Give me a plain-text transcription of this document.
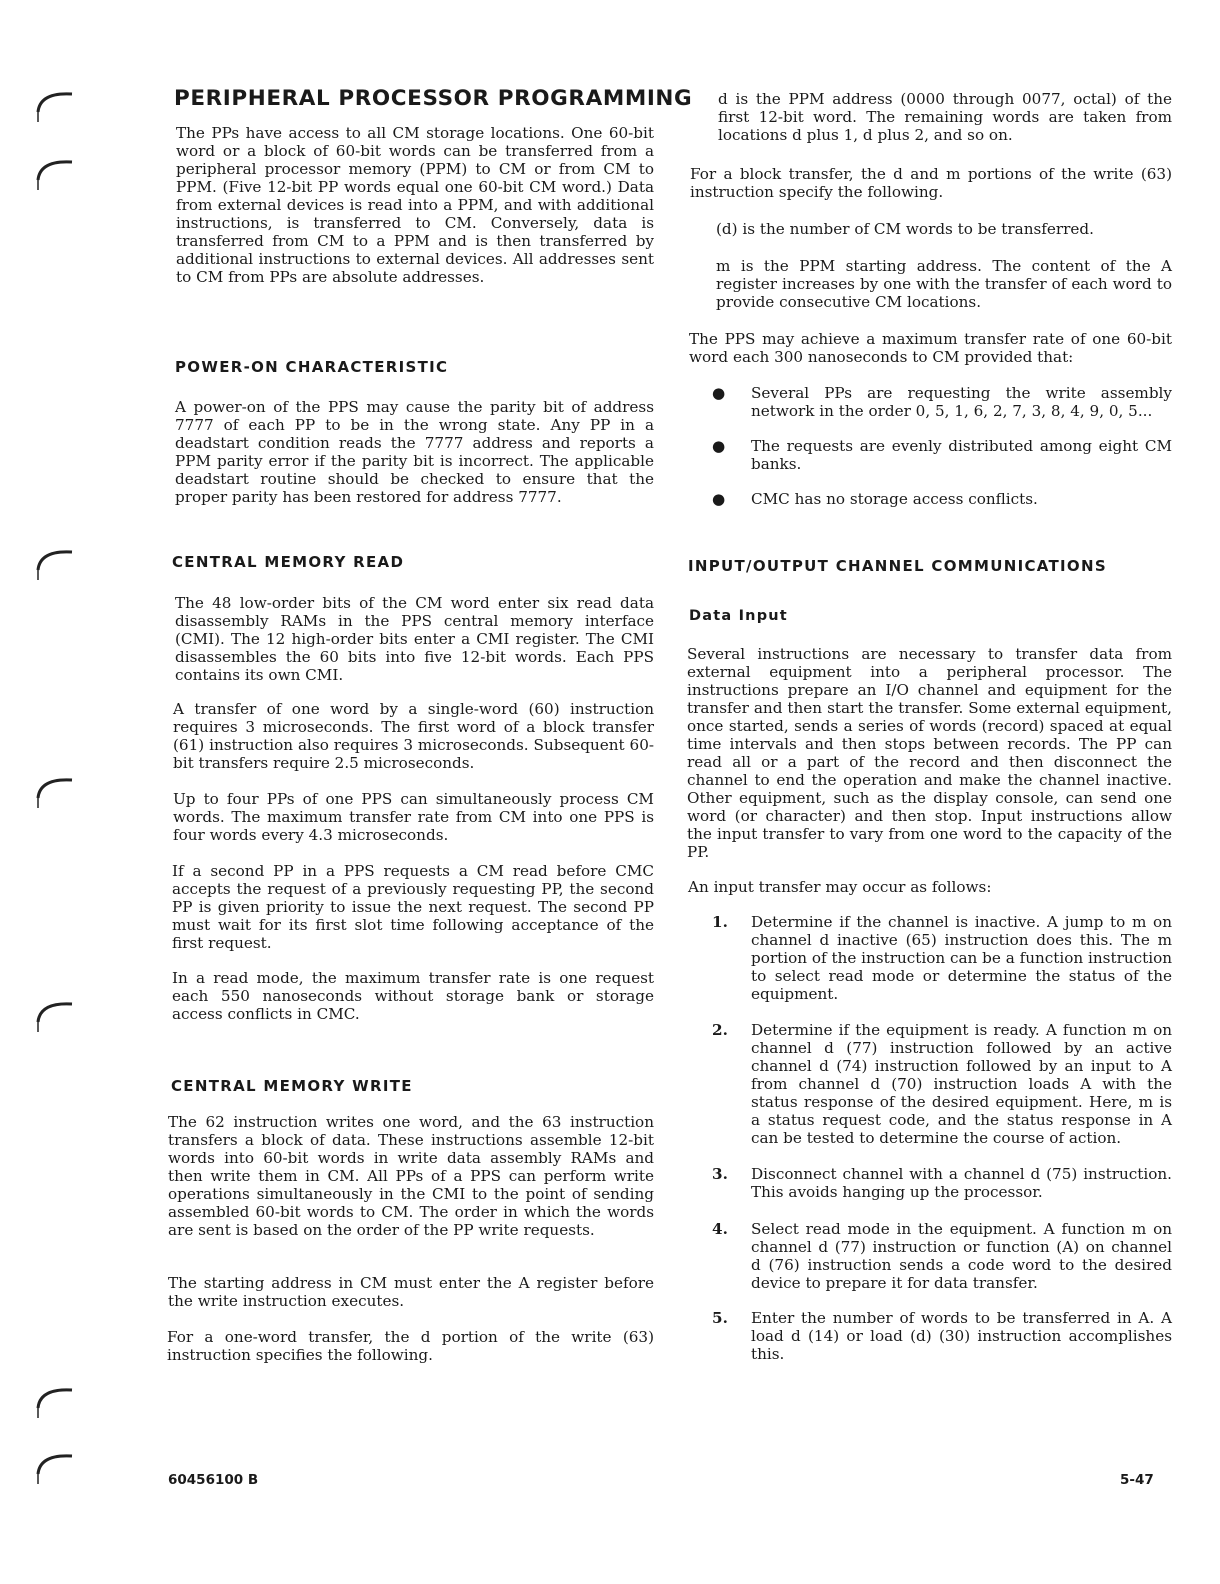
PERIPHERAL PROCESSOR PROGRAMMING

The PPs have access to all CM storage locations. One 60-bit word or a block of 60-bit words can be transferred from a peripheral processor memory (PPM) to CM or from CM to PPM. (Five 12-bit PP words equal one 60-bit CM word.) Data from external devices is read into a PPM, and with additional instructions, is transferred to CM. Conversely, data is transferred from CM to a PPM and is then transferred by additional instructions to external devices. All addresses sent to CM from PPs are absolute addresses.

POWER-ON CHARACTERISTIC

A power-on of the PPS may cause the parity bit of address 7777 of each PP to be in the wrong state. Any PP in a deadstart condition reads the 7777 address and reports a PPM parity error if the parity bit is incorrect. The applicable deadstart routine should be checked to ensure that the proper parity has been restored for address 7777.

CENTRAL MEMORY READ

The 48 low-order bits of the CM word enter six read data disassembly RAMs in the PPS central memory interface (CMI). The 12 high-order bits enter a CMI register. The CMI disassembles the 60 bits into five 12-bit words. Each PPS contains its own CMI.

A transfer of one word by a single-word (60) instruction requires 3 microseconds. The first word of a block transfer (61) instruction also requires 3 microseconds. Subsequent 60-bit transfers require 2.5 microseconds.

Up to four PPs of one PPS can simultaneously process CM words. The maximum transfer rate from CM into one PPS is four words every 4.3 microseconds.

If a second PP in a PPS requests a CM read before CMC accepts the request of a previously requesting PP, the second PP is given priority to issue the next request. The second PP must wait for its first slot time following acceptance of the first request.

In a read mode, the maximum transfer rate is one request each 550 nanoseconds without storage bank or storage access conflicts in CMC.

CENTRAL MEMORY WRITE

The 62 instruction writes one word, and the 63 instruction transfers a block of data. These instructions assemble 12-bit words into 60-bit words in write data assembly RAMs and then write them in CM. All PPs of a PPS can perform write operations simultaneously in the CMI to the point of sending assembled 60-bit words to CM. The order in which the words are sent is based on the order of the PP write requests.

The starting address in CM must enter the A register before the write instruction executes.

For a one-word transfer, the d portion of the write (63) instruction specifies the following.

d is the PPM address (0000 through 0077, octal) of the first 12-bit word. The remaining words are taken from locations d plus 1, d plus 2, and so on.

For a block transfer, the d and m portions of the write (63) instruction specify the following.

(d) is the number of CM words to be transferred.

m is the PPM starting address. The content of the A register increases by one with the transfer of each word to provide consecutive CM locations.

The PPS may achieve a maximum transfer rate of one 60-bit word each 300 nanoseconds to CM provided that:

● Several PPs are requesting the write assembly network in the order 0, 5, 1, 6, 2, 7, 3, 8, 4, 9, 0, 5...

● The requests are evenly distributed among eight CM banks.

● CMC has no storage access conflicts.

INPUT/OUTPUT CHANNEL COMMUNICATIONS
Data Input

Several instructions are necessary to transfer data from external equipment into a peripheral processor. The instructions prepare an I/O channel and equipment for the transfer and then start the transfer. Some external equipment, once started, sends a series of words (record) spaced at equal time intervals and then stops between records. The PP can read all or a part of the record and then disconnect the channel to end the operation and make the channel inactive. Other equipment, such as the display console, can send one word (or character) and then stop. Input instructions allow the input transfer to vary from one word to the capacity of the PP.

An input transfer may occur as follows:

1. Determine if the channel is inactive. A jump to m on channel d inactive (65) instruction does this. The m portion of the instruction can be a function instruction to select read mode or determine the status of the equipment.

2. Determine if the equipment is ready. A function m on channel d (77) instruction followed by an active channel d (74) instruction followed by an input to A from channel d (70) instruction loads A with the status response of the desired equipment. Here, m is a status request code, and the status response in A can be tested to determine the course of action.

3. Disconnect channel with a channel d (75) instruction. This avoids hanging up the processor.

4. Select read mode in the equipment. A function m on channel d (77) instruction or function (A) on channel d (76) instruction sends a code word to the desired device to prepare it for data transfer.

5. Enter the number of words to be transferred in A. A load d (14) or load (d) (30) instruction accomplishes this.

60456100 B	5-47
